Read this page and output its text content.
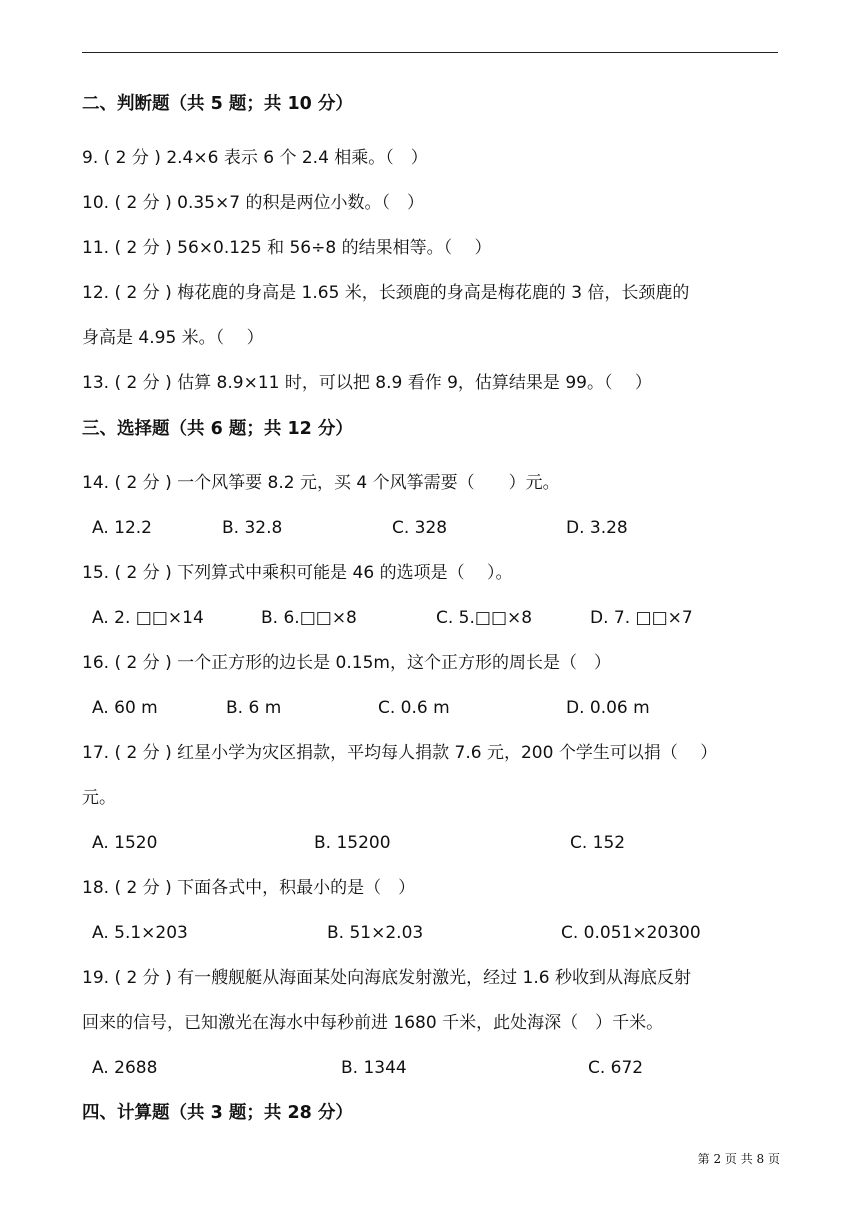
二、判断题（共 5 题；共 10 分）
9. ( 2 分 ) 2.4×6 表示 6 个 2.4 相乘。（　）
10. ( 2 分 ) 0.35×7 的积是两位小数。（　）
11. ( 2 分 ) 56×0.125 和 56÷8 的结果相等。（　 ）
12. ( 2 分 ) 梅花鹿的身高是 1.65 米，长颈鹿的身高是梅花鹿的 3 倍，长颈鹿的
身高是 4.95 米。（　 ）
13. ( 2 分 ) 估算 8.9×11 时，可以把 8.9 看作 9，估算结果是 99。（　 ）
三、选择题（共 6 题；共 12 分）
14. ( 2 分 ) 一个风筝要 8.2 元，买 4 个风筝需要（　　）元。
A. 12.2	B. 32.8	C. 328	D. 3.28
15. ( 2 分 ) 下列算式中乘积可能是 46 的选项是（　 ）。
A. 2. □□×14	B. 6.□□×8	C. 5.□□×8	D. 7. □□×7
16. ( 2 分 ) 一个正方形的边长是 0.15m，这个正方形的周长是（　）
A. 60 m	B. 6 m	C. 0.6 m	D. 0.06 m
17. ( 2 分 ) 红星小学为灾区捐款，平均每人捐款 7.6 元，200 个学生可以捐（　 ）
元。
A. 1520	B. 15200	C. 152
18. ( 2 分 ) 下面各式中，积最小的是（　）
A. 5.1×203	B. 51×2.03	C. 0.051×20300
19. ( 2 分 ) 有一艘舰艇从海面某处向海底发射激光，经过 1.6 秒收到从海底反射
回来的信号，已知激光在海水中每秒前进 1680 千米，此处海深（　）千米。
A. 2688	B. 1344	C. 672
四、计算题（共 3 题；共 28 分）
第 2 页 共 8 页
